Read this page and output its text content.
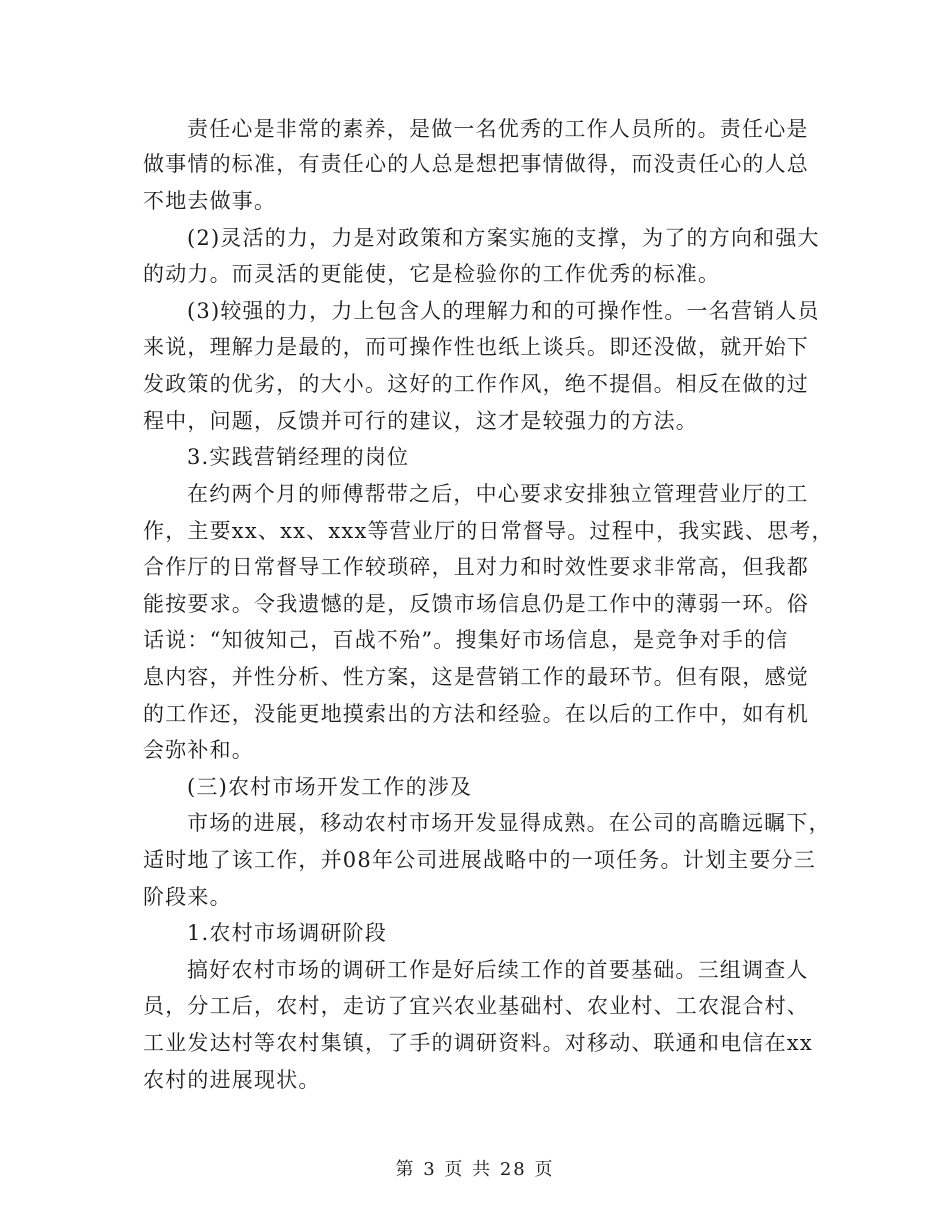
责任心是非常的素养，是做一名优秀的工作人员所的。责任心是
做事情的标准，有责任心的人总是想把事情做得，而没责任心的人总
不地去做事。
(2)灵活的力，力是对政策和方案实施的支撑，为了的方向和强大
的动力。而灵活的更能使，它是检验你的工作优秀的标准。
(3)较强的力，力上包含人的理解力和的可操作性。一名营销人员
来说，理解力是最的，而可操作性也纸上谈兵。即还没做，就开始下
发政策的优劣，的大小。这好的工作作风，绝不提倡。相反在做的过
程中，问题，反馈并可行的建议，这才是较强力的方法。
3.实践营销经理的岗位
在约两个月的师傅帮带之后，中心要求安排独立管理营业厅的工
作，主要xx、xx、xxx等营业厅的日常督导。过程中，我实践、思考，
合作厅的日常督导工作较琐碎，且对力和时效性要求非常高，但我都
能按要求。令我遗憾的是，反馈市场信息仍是工作中的薄弱一环。俗
话说：“知彼知己，百战不殆”。搜集好市场信息，是竞争对手的信
息内容，并性分析、性方案，这是营销工作的最环节。但有限，感觉
的工作还，没能更地摸索出的方法和经验。在以后的工作中，如有机
会弥补和。
(三)农村市场开发工作的涉及
市场的进展，移动农村市场开发显得成熟。在公司的高瞻远瞩下，
适时地了该工作，并08年公司进展战略中的一项任务。计划主要分三
阶段来。
1.农村市场调研阶段
搞好农村市场的调研工作是好后续工作的首要基础。三组调查人
员，分工后，农村，走访了宜兴农业基础村、农业村、工农混合村、
工业发达村等农村集镇，了手的调研资料。对移动、联通和电信在xx
农村的进展现状。
第 3 页 共 28 页
